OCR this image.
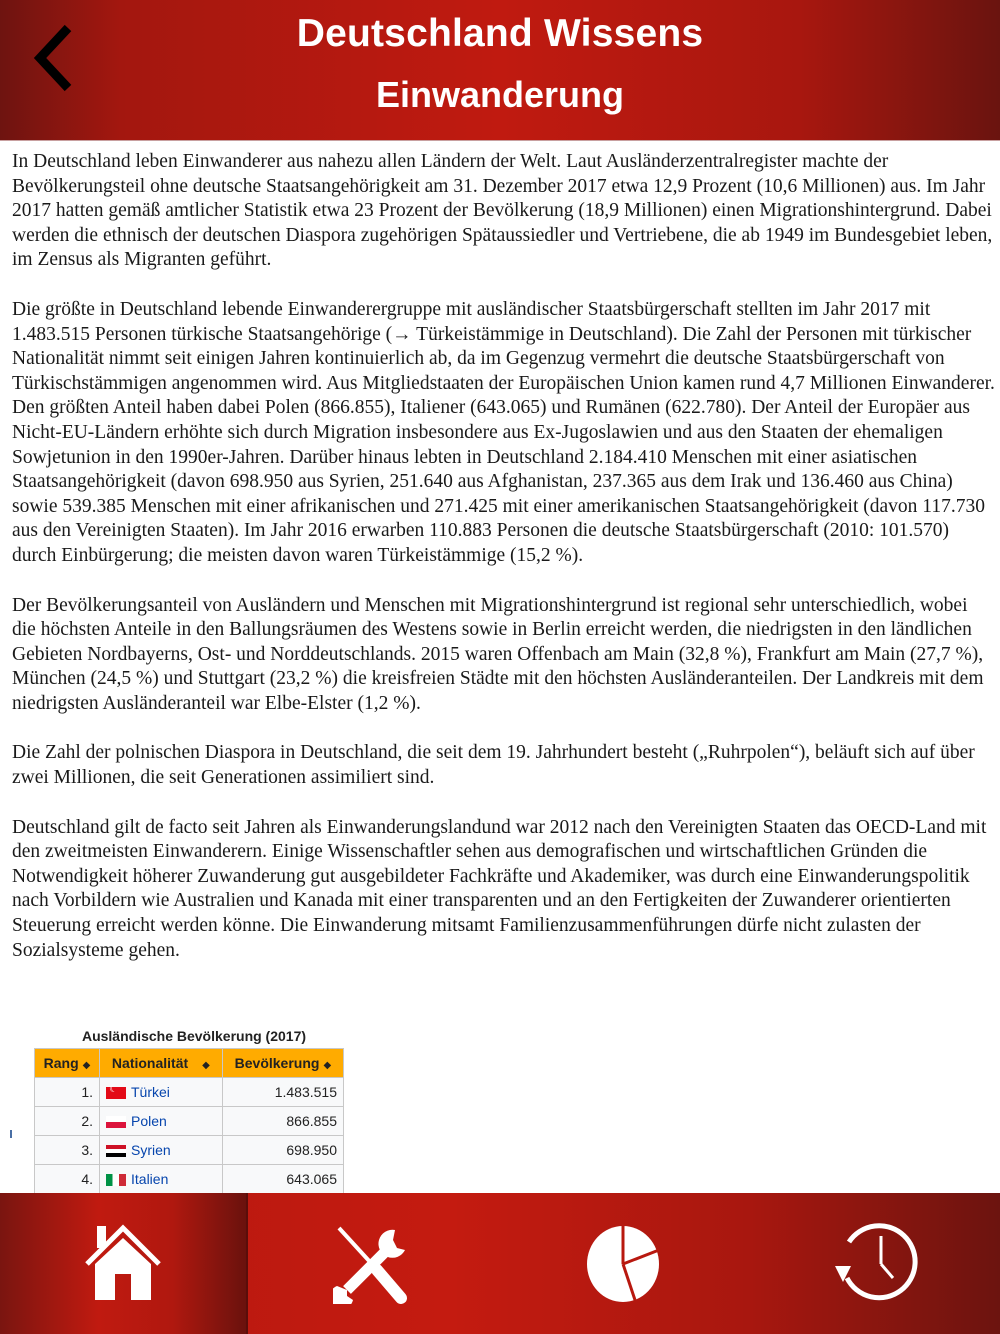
Deutschland Wissens
Einwanderung

In Deutschland leben Einwanderer aus nahezu allen Ländern der Welt. Laut Ausländerzentralregister machte der Bevölkerungsteil ohne deutsche Staatsangehörigkeit am 31. Dezember 2017 etwa 12,9 Prozent (10,6 Millionen) aus. Im Jahr 2017 hatten gemäß amtlicher Statistik etwa 23 Prozent der Bevölkerung (18,9 Millionen) einen Migrationshintergrund. Dabei werden die ethnisch der deutschen Diaspora zugehörigen Spätaussiedler und Vertriebene, die ab 1949 im Bundesgebiet leben, im Zensus als Migranten geführt.

Die größte in Deutschland lebende Einwanderergruppe mit ausländischer Staatsbürgerschaft stellten im Jahr 2017 mit 1.483.515 Personen türkische Staatsangehörige (→ Türkeistämmige in Deutschland). Die Zahl der Personen mit türkischer Nationalität nimmt seit einigen Jahren kontinuierlich ab, da im Gegenzug vermehrt die deutsche Staatsbürgerschaft von Türkischstämmigen angenommen wird. Aus Mitgliedstaaten der Europäischen Union kamen rund 4,7 Millionen Einwanderer. Den größten Anteil haben dabei Polen (866.855), Italiener (643.065) und Rumänen (622.780). Der Anteil der Europäer aus Nicht-EU-Ländern erhöhte sich durch Migration insbesondere aus Ex-Jugoslawien und aus den Staaten der ehemaligen Sowjetunion in den 1990er-Jahren. Darüber hinaus lebten in Deutschland 2.184.410 Menschen mit einer asiatischen Staatsangehörigkeit (davon 698.950 aus Syrien, 251.640 aus Afghanistan, 237.365 aus dem Irak und 136.460 aus China) sowie 539.385 Menschen mit einer afrikanischen und 271.425 mit einer amerikanischen Staatsangehörigkeit (davon 117.730 aus den Vereinigten Staaten). Im Jahr 2016 erwarben 110.883 Personen die deutsche Staatsbürgerschaft (2010: 101.570) durch Einbürgerung; die meisten davon waren Türkeistämmige (15,2 %).

Der Bevölkerungsanteil von Ausländern und Menschen mit Migrationshintergrund ist regional sehr unterschiedlich, wobei die höchsten Anteile in den Ballungsräumen des Westens sowie in Berlin erreicht werden, die niedrigsten in den ländlichen Gebieten Nordbayerns, Ost- und Norddeutschlands. 2015 waren Offenbach am Main (32,8 %), Frankfurt am Main (27,7 %), München (24,5 %) und Stuttgart (23,2 %) die kreisfreien Städte mit den höchsten Ausländeranteilen. Der Landkreis mit dem niedrigsten Ausländeranteil war Elbe-Elster (1,2 %).

Die Zahl der polnischen Diaspora in Deutschland, die seit dem 19. Jahrhundert besteht („Ruhrpolen“), beläuft sich auf über zwei Millionen, die seit Generationen assimiliert sind.

Deutschland gilt de facto seit Jahren als Einwanderungslandund war 2012 nach den Vereinigten Staaten das OECD-Land mit den zweitmeisten Einwanderern. Einige Wissenschaftler sehen aus demografischen und wirtschaftlichen Gründen die Notwendigkeit höherer Zuwanderung gut ausgebildeter Fachkräfte und Akademiker, was durch eine Einwanderungspolitik nach Vorbildern wie Australien und Kanada mit einer transparenten und an den Fertigkeiten der Zuwanderer orientierten Steuerung erreicht werden könne. Die Einwanderung mitsamt Familienzusammenführungen dürfe nicht zulasten der Sozialsysteme gehen.

Ausländische Bevölkerung (2017)
Rang ◆	Nationalität ◆	Bevölkerung ◆
1.	☾Türkei	1.483.515
2.	Polen	866.855
3.	Syrien	698.950
4.	Italien	643.065
